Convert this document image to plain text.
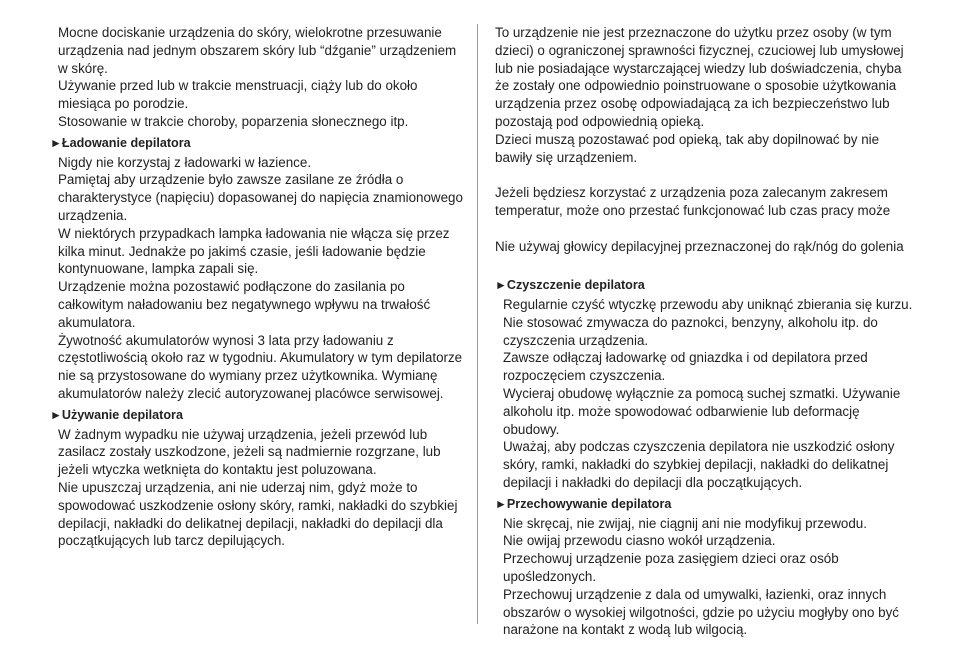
Mocne dociskanie urządzenia do skóry, wielokrotne przesuwanie urządzenia nad jednym obszarem skóry lub “dźganie” urządzeniem w skórę.

Używanie przed lub w trakcie menstruacji, ciąży lub do około miesiąca po porodzie.

Stosowanie w trakcie choroby, poparzenia słonecznego itp.

►Ładowanie depilatora

Nigdy nie korzystaj z ładowarki w łazience.

Pamiętaj aby urządzenie było zawsze zasilane ze źródła o charakterystyce (napięciu) dopasowanej do napięcia znamionowego urządzenia.

W niektórych przypadkach lampka ładowania nie włącza się przez kilka minut. Jednakże po jakimś czasie, jeśli ładowanie będzie kontynuowane, lampka zapali się.

Urządzenie można pozostawić podłączone do zasilania po całkowitym naładowaniu bez negatywnego wpływu na trwałość akumulatora.

Żywotność akumulatorów wynosi 3 lata przy ładowaniu z częstotliwością około raz w tygodniu. Akumulatory w tym depilatorze nie są przystosowane do wymiany przez użytkownika. Wymianę akumulatorów należy zlecić autoryzowanej placówce serwisowej.

►Używanie depilatora

W żadnym wypadku nie używaj urządzenia, jeżeli przewód lub zasilacz zostały uszkodzone, jeżeli są nadmiernie rozgrzane, lub jeżeli wtyczka wetknięta do kontaktu jest poluzowana.

Nie upuszczaj urządzenia, ani nie uderzaj nim, gdyż może to spowodować uszkodzenie osłony skóry, ramki, nakładki do szybkiej depilacji, nakładki do delikatnej depilacji, nakładki do depilacji dla początkujących lub tarcz depilujących.

To urządzenie nie jest przeznaczone do użytku przez osoby (w tym dzieci) o ograniczonej sprawności fizycznej, czuciowej lub umysłowej lub nie posiadające wystarczającej wiedzy lub doświadczenia, chyba że zostały one odpowiednio poinstruowane o sposobie użytkowania urządzenia przez osobę odpowiadającą za ich bezpieczeństwo lub pozostają pod odpowiednią opieką.

Dzieci muszą pozostawać pod opieką, tak aby dopilnować by nie bawiły się urządzeniem.

Jeżeli będziesz korzystać z urządzenia poza zalecanym zakresem temperatur, może ono przestać funkcjonować lub czas pracy może

Nie używaj głowicy depilacyjnej przeznaczonej do rąk/nóg do golenia

►Czyszczenie depilatora

Regularnie czyść wtyczkę przewodu aby uniknąć zbierania się kurzu.

Nie stosować zmywacza do paznokci, benzyny, alkoholu itp. do czyszczenia urządzenia.

Zawsze odłączaj ładowarkę od gniazdka i od depilatora przed rozpoczęciem czyszczenia.

Wycieraj obudowę wyłącznie za pomocą suchej szmatki. Używanie alkoholu itp. może spowodować odbarwienie lub deformację obudowy.

Uważaj, aby podczas czyszczenia depilatora nie uszkodzić osłony skóry, ramki, nakładki do szybkiej depilacji, nakładki do delikatnej depilacji i nakładki do depilacji dla początkujących.

►Przechowywanie depilatora

Nie skręcaj, nie zwijaj, nie ciągnij ani nie modyfikuj przewodu.

Nie owijaj przewodu ciasno wokół urządzenia.

Przechowuj urządzenie poza zasięgiem dzieci oraz osób upośledzonych.

Przechowuj urządzenie z dala od umywalki, łazienki, oraz innych obszarów o wysokiej wilgotności, gdzie po użyciu mogłyby ono być narażone na kontakt z wodą lub wilgocią.
